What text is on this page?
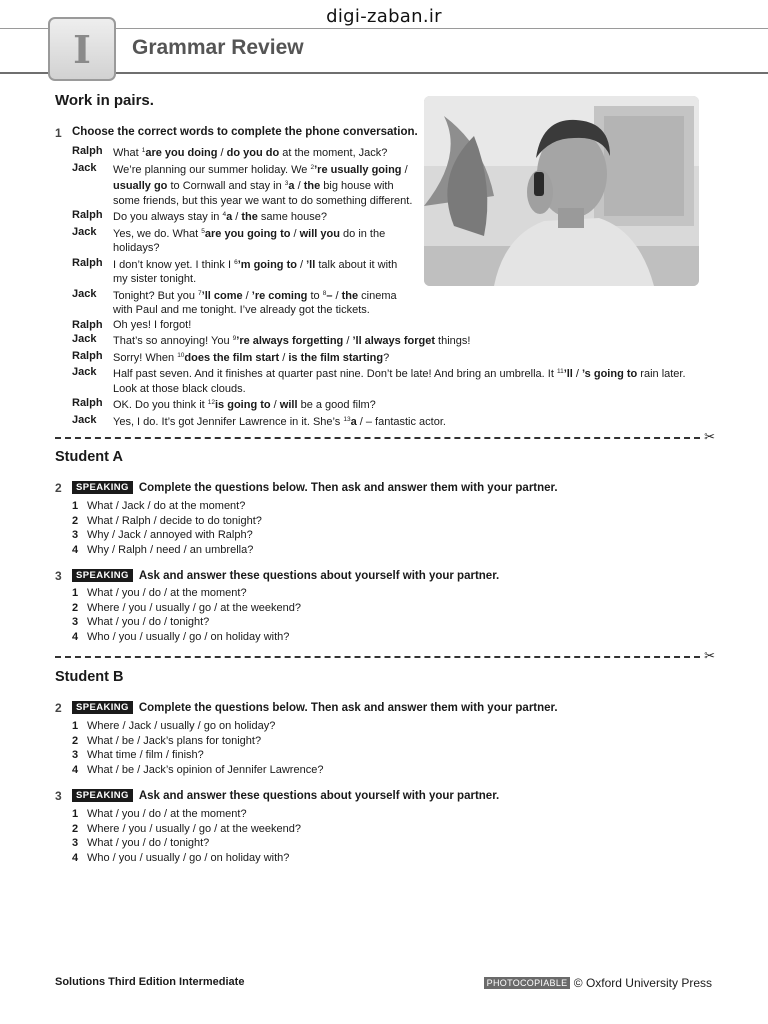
digi-zaban.ir
I	Grammar Review
Work in pairs.
1 Choose the correct words to complete the phone conversation.
Ralph What $^1$are you doing / do you do at the moment, Jack?
Jack	We’re planning our summer holiday. We $^2$’re usually going / usually go to Cornwall and stay in $^3$a / the big house with some friends, but this year we want to do something different.
Ralph Do you always stay in $^4$a / the same house?
Jack	Yes, we do. What $^5$are you going to / will you do in the holidays?
Ralph I don’t know yet. I think I $^6$’m going to / ’ll talk about it with my sister tonight.
Jack	Tonight? But you $^7$’ll come / ’re coming to $^8$– / the cinema with Paul and me tonight. I’ve already got the tickets.
Ralph Oh yes! I forgot!
Jack	That’s so annoying! You $^9$’re always forgetting / ’ll always forget things!
Ralph Sorry! When $^{10}$does the film start / is the film starting?
Jack	Half past seven. And it finishes at quarter past nine. Don’t be late! And bring an umbrella. It $^{11}$’ll / ’s going to rain later. Look at those black clouds.
Ralph OK. Do you think it $^{12}$is going to / will be a good film?
Jack	Yes, I do. It’s got Jennifer Lawrence in it. She’s $^{13}$a / – fantastic actor.
✂
Student A
2	SPEAKING Complete the questions below. Then ask and answer them with your partner.
1 What / Jack / do at the moment?
2 What / Ralph / decide to do tonight?
3 Why / Jack / annoyed with Ralph?
4 Why / Ralph / need / an umbrella?
3	SPEAKING Ask and answer these questions about yourself with your partner.
1 What / you / do / at the moment?
2 Where / you / usually / go / at the weekend?
3 What / you / do / tonight?
4 Who / you / usually / go / on holiday with?
✂
Student B
2	SPEAKING Complete the questions below. Then ask and answer them with your partner.
1 Where / Jack / usually / go on holiday?
2 What / be / Jack’s plans for tonight?
3 What time / film / finish?
4 What / be / Jack’s opinion of Jennifer Lawrence?
3	SPEAKING Ask and answer these questions about yourself with your partner.
1 What / you / do / at the moment?
2 Where / you / usually / go / at the weekend?
3 What / you / do / tonight?
4 Who / you / usually / go / on holiday with?
Solutions Third Edition Intermediate	PHOTOCOPIABLE © Oxford University Press
